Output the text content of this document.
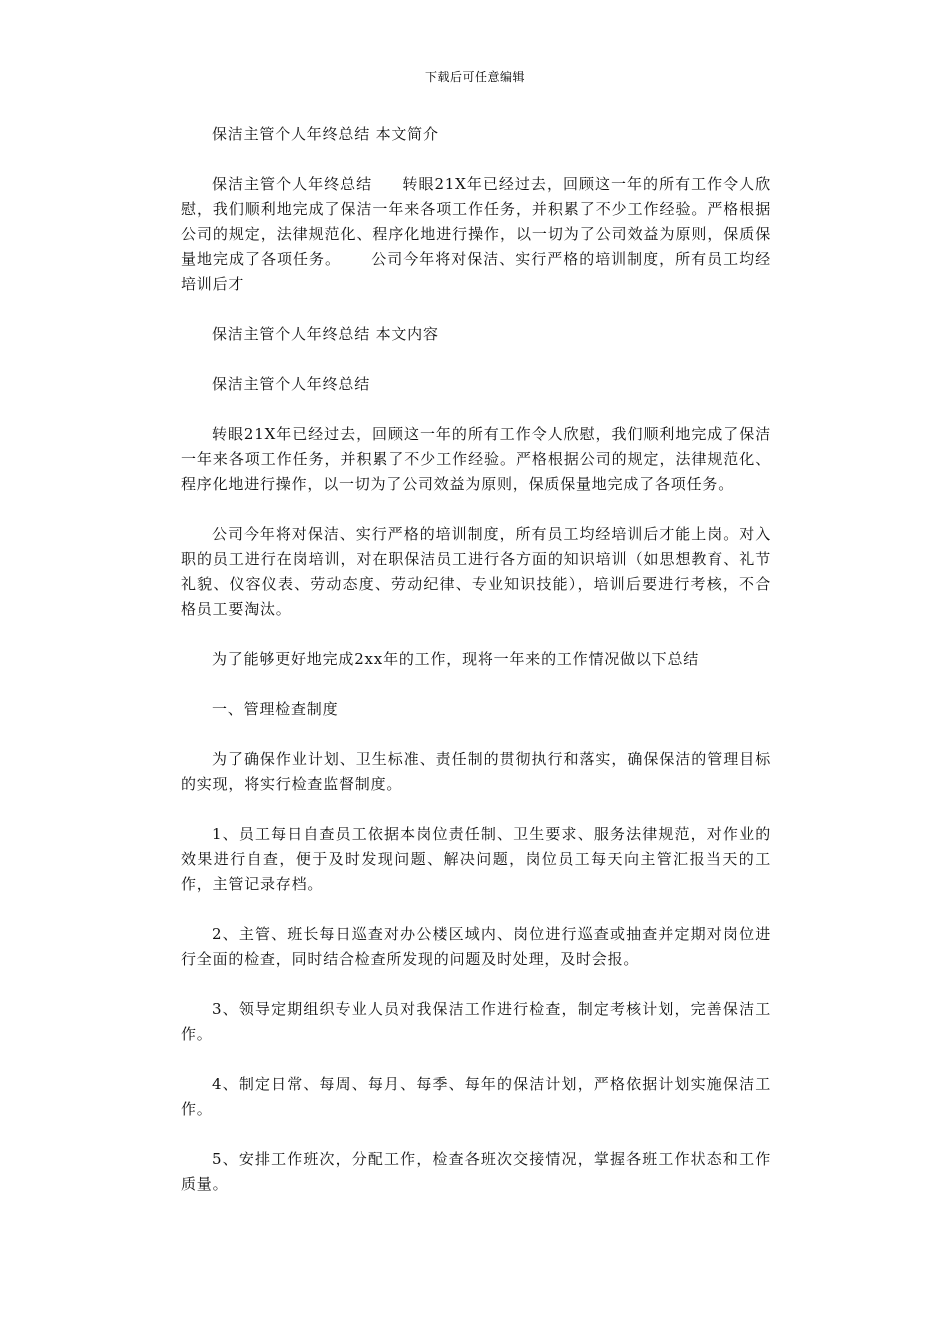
下载后可任意编辑

保洁主管个人年终总结 本文简介

保洁主管个人年终总结 转眼21X年已经过去，回顾这一年的所有工作令人欣慰，我们顺利地完成了保洁一年来各项工作任务，并积累了不少工作经验。严格根据公司的规定，法律规范化、程序化地进行操作，以一切为了公司效益为原则，保质保量地完成了各项任务。 公司今年将对保洁、实行严格的培训制度，所有员工均经培训后才

保洁主管个人年终总结 本文内容

保洁主管个人年终总结

转眼21X年已经过去，回顾这一年的所有工作令人欣慰，我们顺利地完成了保洁一年来各项工作任务，并积累了不少工作经验。严格根据公司的规定，法律规范化、程序化地进行操作，以一切为了公司效益为原则，保质保量地完成了各项任务。

公司今年将对保洁、实行严格的培训制度，所有员工均经培训后才能上岗。对入职的员工进行在岗培训，对在职保洁员工进行各方面的知识培训（如思想教育、礼节礼貌、仪容仪表、劳动态度、劳动纪律、专业知识技能），培训后要进行考核，不合格员工要淘汰。

为了能够更好地完成2xx年的工作，现将一年来的工作情况做以下总结

一、管理检查制度

为了确保作业计划、卫生标准、责任制的贯彻执行和落实，确保保洁的管理目标的实现，将实行检查监督制度。

1、员工每日自查员工依据本岗位责任制、卫生要求、服务法律规范，对作业的效果进行自查，便于及时发现问题、解决问题，岗位员工每天向主管汇报当天的工作，主管记录存档。

2、主管、班长每日巡查对办公楼区域内、岗位进行巡查或抽查并定期对岗位进行全面的检查，同时结合检查所发现的问题及时处理，及时会报。

3、领导定期组织专业人员对我保洁工作进行检查，制定考核计划，完善保洁工作。

4、制定日常、每周、每月、每季、每年的保洁计划，严格依据计划实施保洁工作。

5、安排工作班次，分配工作，检查各班次交接情况，掌握各班工作状态和工作质量。
